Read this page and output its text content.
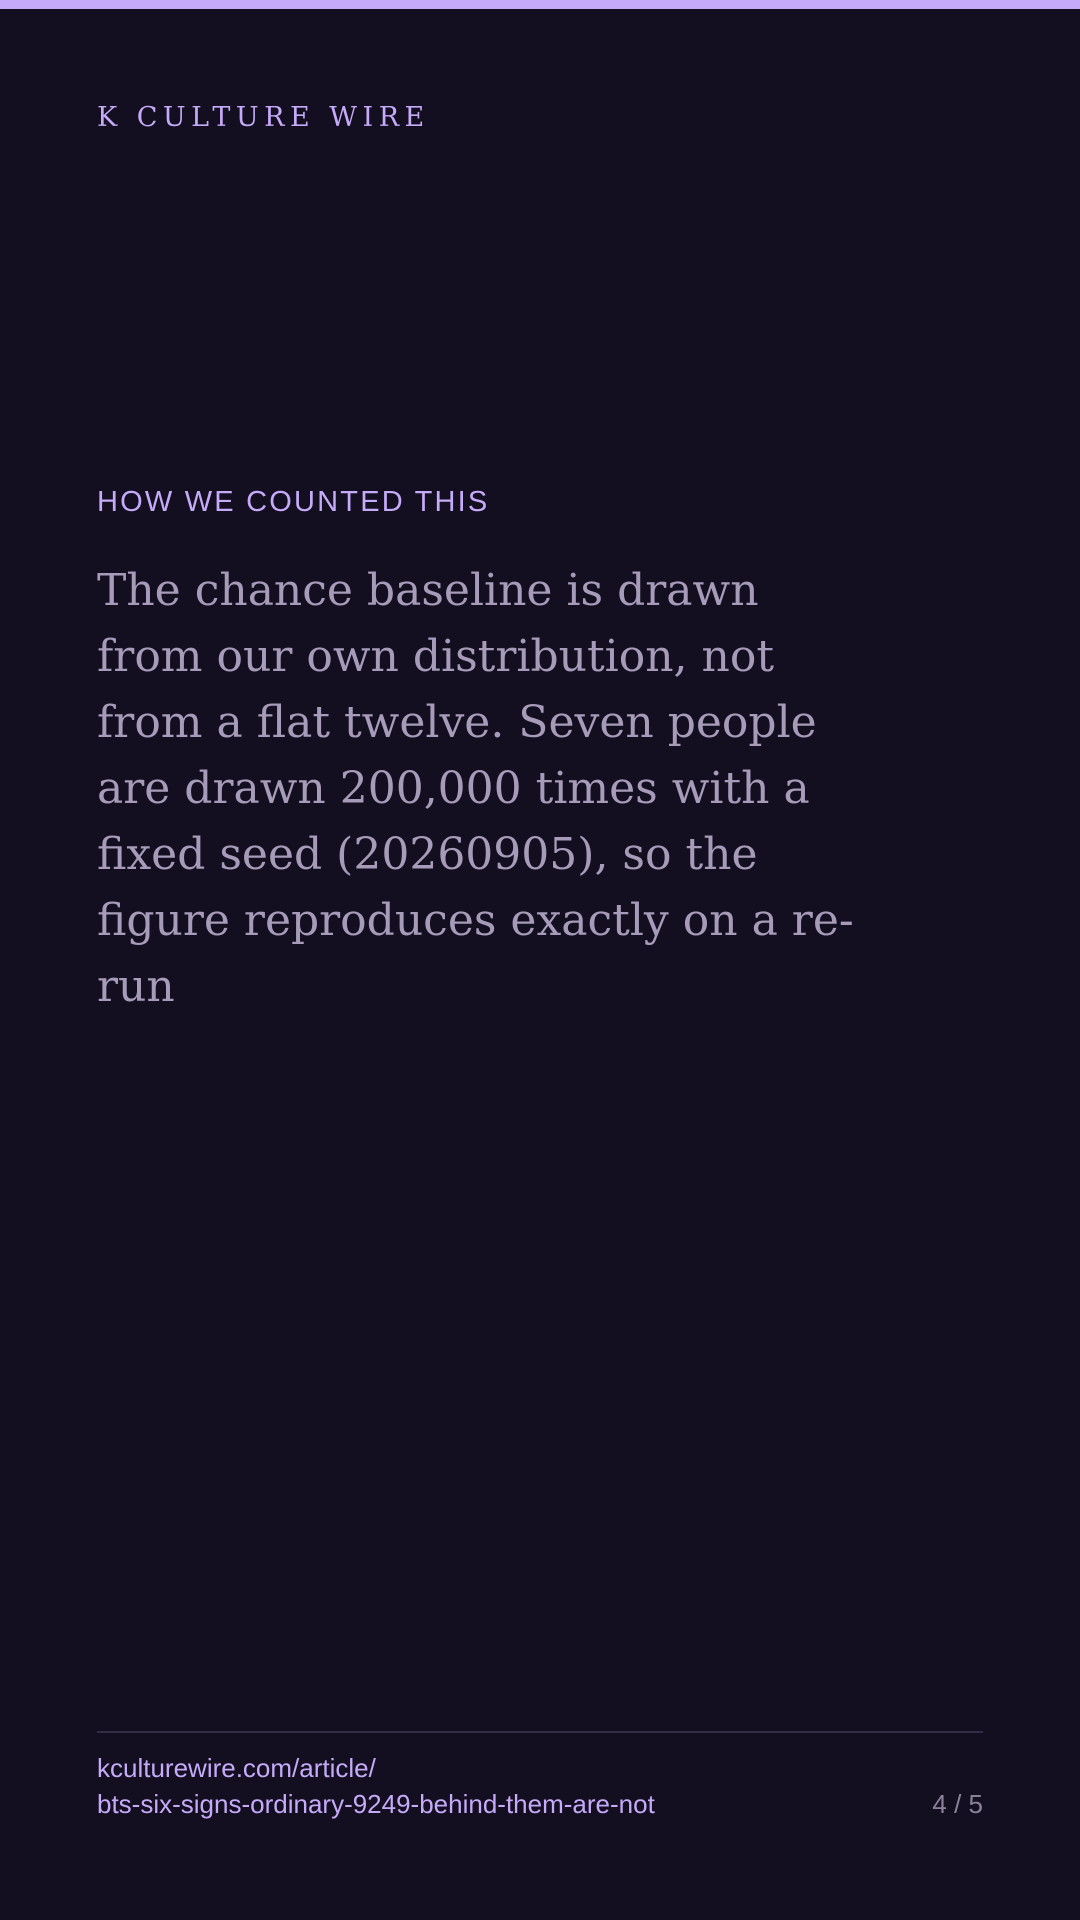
K CULTURE WIRE
HOW WE COUNTED THIS

The chance baseline is drawn from our own distribution, not from a flat twelve. Seven people are drawn 200,000 times with a fixed seed (20260905), so the figure reproduces exactly on a re-run

kculturewire.com/article/
bts-six-signs-ordinary-9249-behind-them-are-not	4 / 5
